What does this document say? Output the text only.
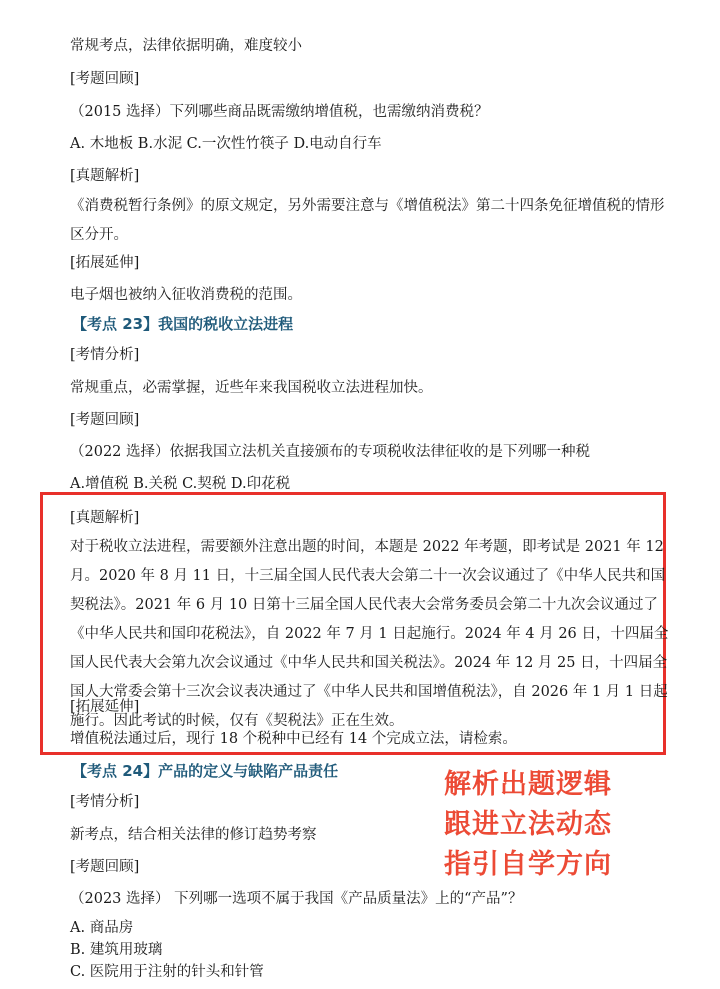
常规考点，法律依据明确，难度较小
[考题回顾]
（2015 选择）下列哪些商品既需缴纳增值税，也需缴纳消费税？
A. 木地板 B.水泥 C.一次性竹筷子 D.电动自行车
[真题解析]
《消费税暂行条例》的原文规定，另外需要注意与《增值税法》第二十四条免征增值税的情形区分开。
[拓展延伸]
电子烟也被纳入征收消费税的范围。
【考点 23】我国的税收立法进程
[考情分析]
常规重点，必需掌握，近些年来我国税收立法进程加快。
[考题回顾]
（2022 选择）依据我国立法机关直接颁布的专项税收法律征收的是下列哪一种税
A.增值税 B.关税 C.契税 D.印花税
[真题解析]
对于税收立法进程，需要额外注意出题的时间，本题是 2022 年考题，即考试是 2021 年 12 月。2020 年 8 月 11 日，十三届全国人民代表大会第二十一次会议通过了《中华人民共和国契税法》。2021 年 6 月 10 日第十三届全国人民代表大会常务委员会第二十九次会议通过了《中华人民共和国印花税法》，自 2022 年 7 月 1 日起施行。2024 年 4 月 26 日，十四届全国人民代表大会第九次会议通过《中华人民共和国关税法》。2024 年 12 月 25 日，十四届全国人大常委会第十三次会议表决通过了《中华人民共和国增值税法》，自 2026 年 1 月 1 日起施行。因此考试的时候，仅有《契税法》正在生效。
[拓展延伸]
增值税法通过后，现行 18 个税种中已经有 14 个完成立法，请检索。
【考点 24】产品的定义与缺陷产品责任
[考情分析]
新考点，结合相关法律的修订趋势考察
[考题回顾]
（2023 选择） 下列哪一选项不属于我国《产品质量法》上的“产品”？
A. 商品房
B. 建筑用玻璃
C. 医院用于注射的针头和针管
解析出题逻辑
跟进立法动态
指引自学方向
